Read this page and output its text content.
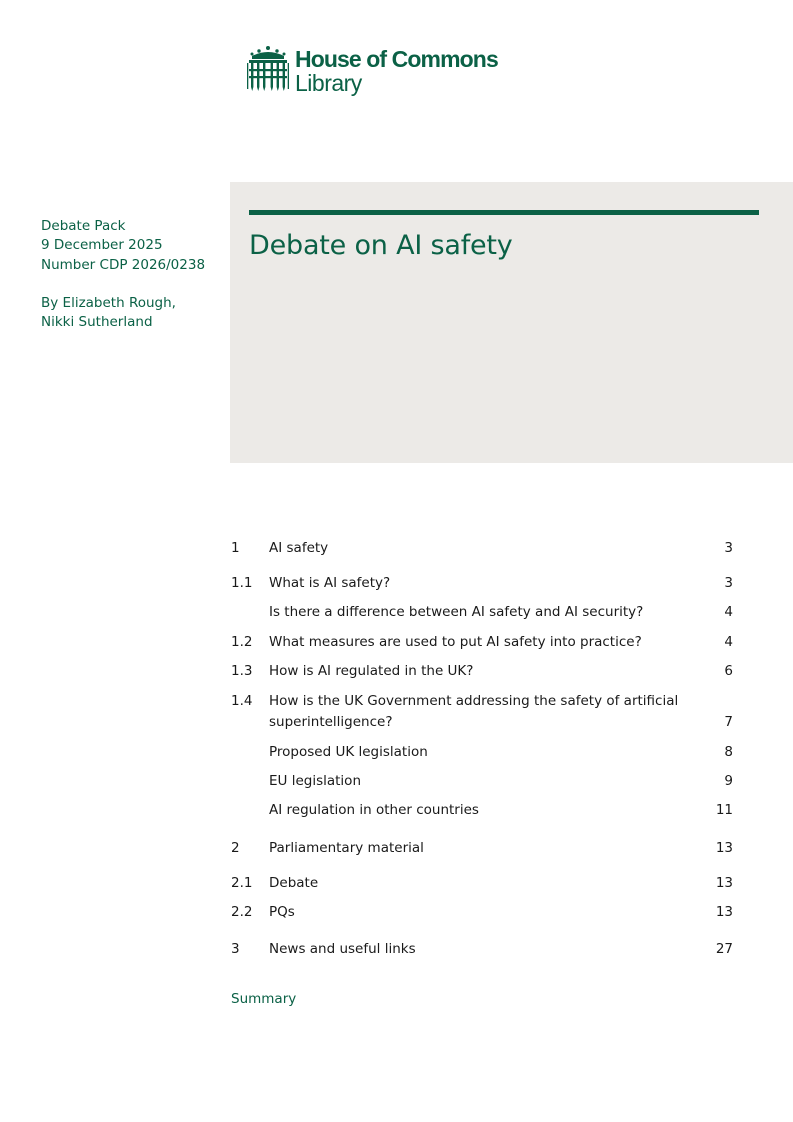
House of Commons
Library
Debate Pack
9 December 2025
Number CDP 2026/0238
By Elizabeth Rough,
Nikki Sutherland
Debate on AI safety
1	AI safety	3
1.1	What is AI safety?	3
Is there a difference between AI safety and AI security?	4
1.2	What measures are used to put AI safety into practice?	4
1.3	How is AI regulated in the UK?	6
1.4	How is the UK Government addressing the safety of artificial superintelligence?	7
Proposed UK legislation	8
EU legislation	9
AI regulation in other countries	11
2	Parliamentary material	13
2.1	Debate	13
2.2	PQs	13
3	News and useful links	27
Summary
